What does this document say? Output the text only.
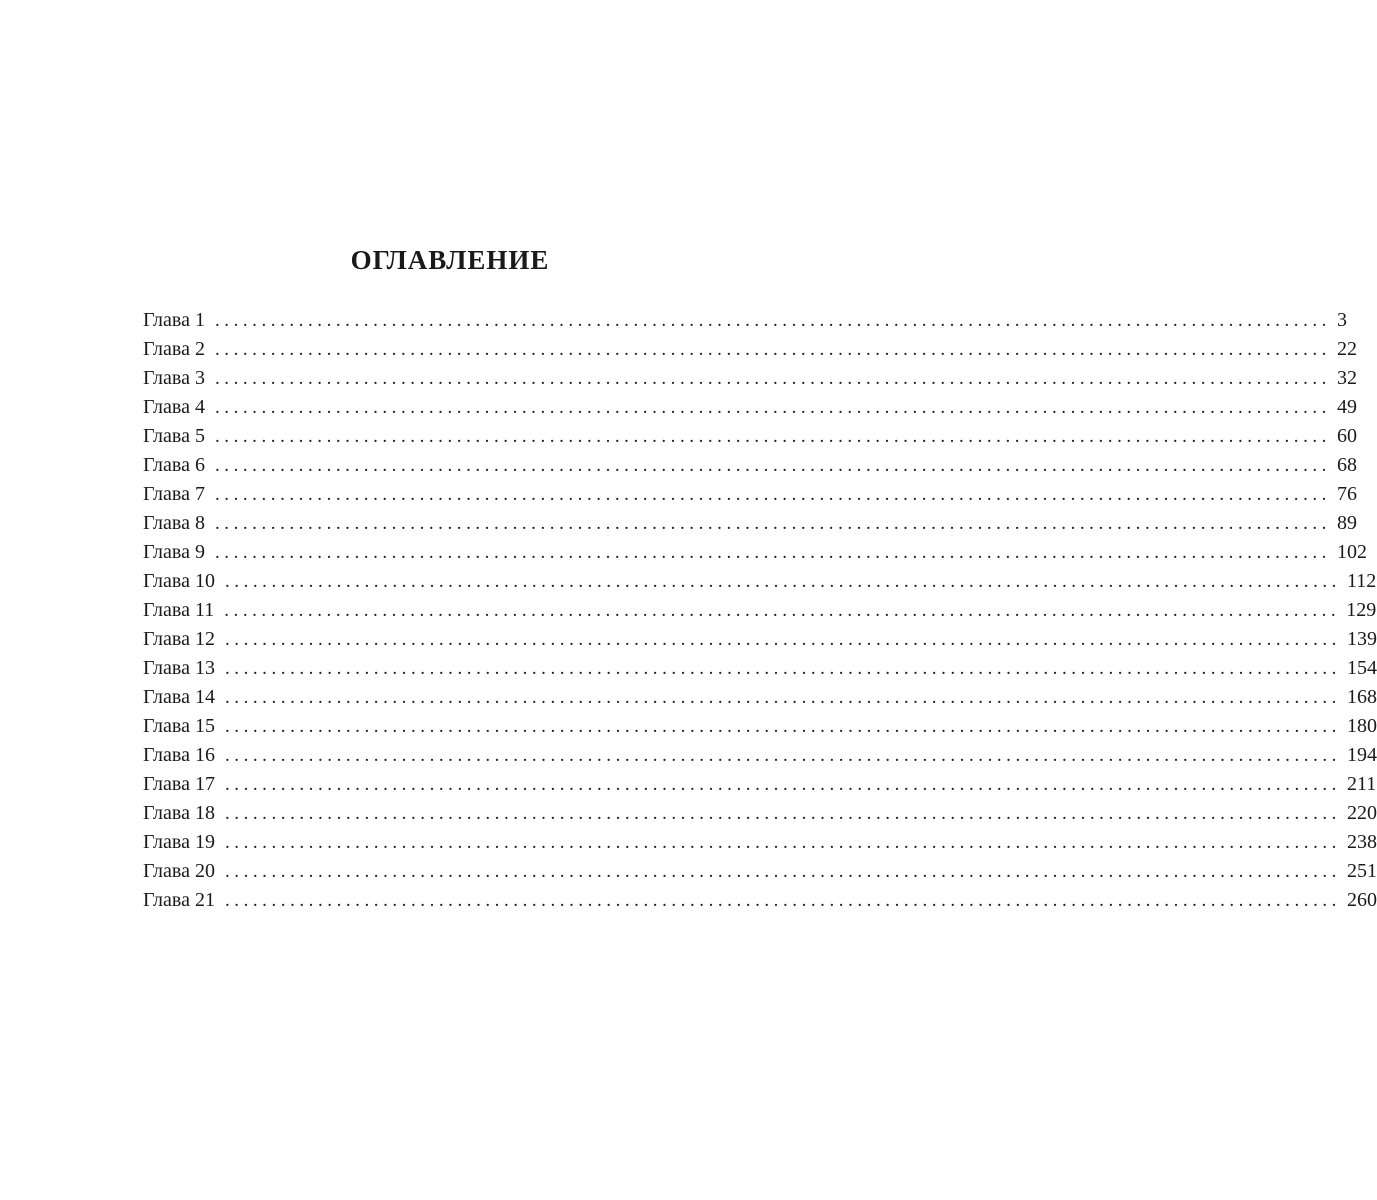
ОГЛАВЛЕНИЕ
Глава 1 ........................................................................................................................ 3
Глава 2 ........................................................................................................................ 22
Глава 3 ........................................................................................................................ 32
Глава 4 ........................................................................................................................ 49
Глава 5 ........................................................................................................................ 60
Глава 6 ........................................................................................................................ 68
Глава 7 ........................................................................................................................ 76
Глава 8 ........................................................................................................................ 89
Глава 9 ........................................................................................................................ 102
Глава 10 ........................................................................................................................ 112
Глава 11 ........................................................................................................................ 129
Глава 12 ........................................................................................................................ 139
Глава 13 ........................................................................................................................ 154
Глава 14 ........................................................................................................................ 168
Глава 15 ........................................................................................................................ 180
Глава 16 ........................................................................................................................ 194
Глава 17 ........................................................................................................................ 211
Глава 18 ........................................................................................................................ 220
Глава 19 ........................................................................................................................ 238
Глава 20 ........................................................................................................................ 251
Глава 21 ........................................................................................................................ 260
